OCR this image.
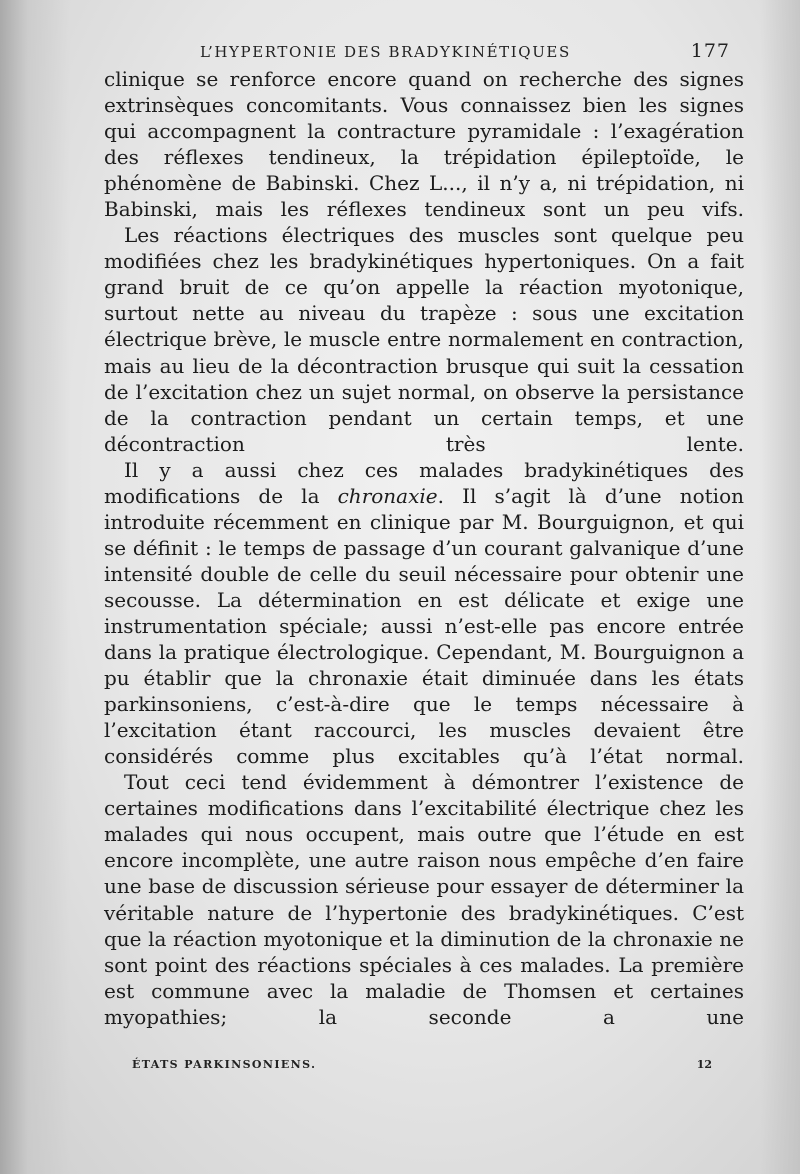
L’HYPERTONIE DES BRADYKINÉTIQUES	177

clinique se renforce encore quand on recherche des signes extrinsèques concomitants. Vous connaissez bien les signes qui accompagnent la contracture pyramidale : l’exagération des réflexes tendineux, la trépidation épileptoïde, le phénomène de Babinski. Chez L..., il n’y a, ni trépidation, ni Babinski, mais les réflexes tendineux sont un peu vifs.

Les réactions électriques des muscles sont quelque peu modifiées chez les bradykinétiques hypertoniques. On a fait grand bruit de ce qu’on appelle la réaction myotonique, surtout nette au niveau du trapèze : sous une excitation électrique brève, le muscle entre normalement en contraction, mais au lieu de la décontraction brusque qui suit la cessation de l’excitation chez un sujet normal, on observe la persistance de la contraction pendant un certain temps, et une décontraction très lente.

Il y a aussi chez ces malades bradykinétiques des modifications de la chronaxie. Il s’agit là d’une notion introduite récemment en clinique par M. Bourguignon, et qui se définit : le temps de passage d’un courant galvanique d’une intensité double de celle du seuil nécessaire pour obtenir une secousse. La détermination en est délicate et exige une instrumentation spéciale; aussi n’est-elle pas encore entrée dans la pratique électrologique. Cependant, M. Bourguignon a pu établir que la chronaxie était diminuée dans les états parkinsoniens, c’est-à-dire que le temps nécessaire à l’excitation étant raccourci, les muscles devaient être considérés comme plus excitables qu’à l’état normal.

Tout ceci tend évidemment à démontrer l’existence de certaines modifications dans l’excitabilité électrique chez les malades qui nous occupent, mais outre que l’étude en est encore incomplète, une autre raison nous empêche d’en faire une base de discussion sérieuse pour essayer de déterminer la véritable nature de l’hypertonie des bradykinétiques. C’est que la réaction myotonique et la diminution de la chronaxie ne sont point des réactions spéciales à ces malades. La première est commune avec la maladie de Thomsen et certaines myopathies; la seconde a une

ÉTATS PARKINSONIENS.	12
